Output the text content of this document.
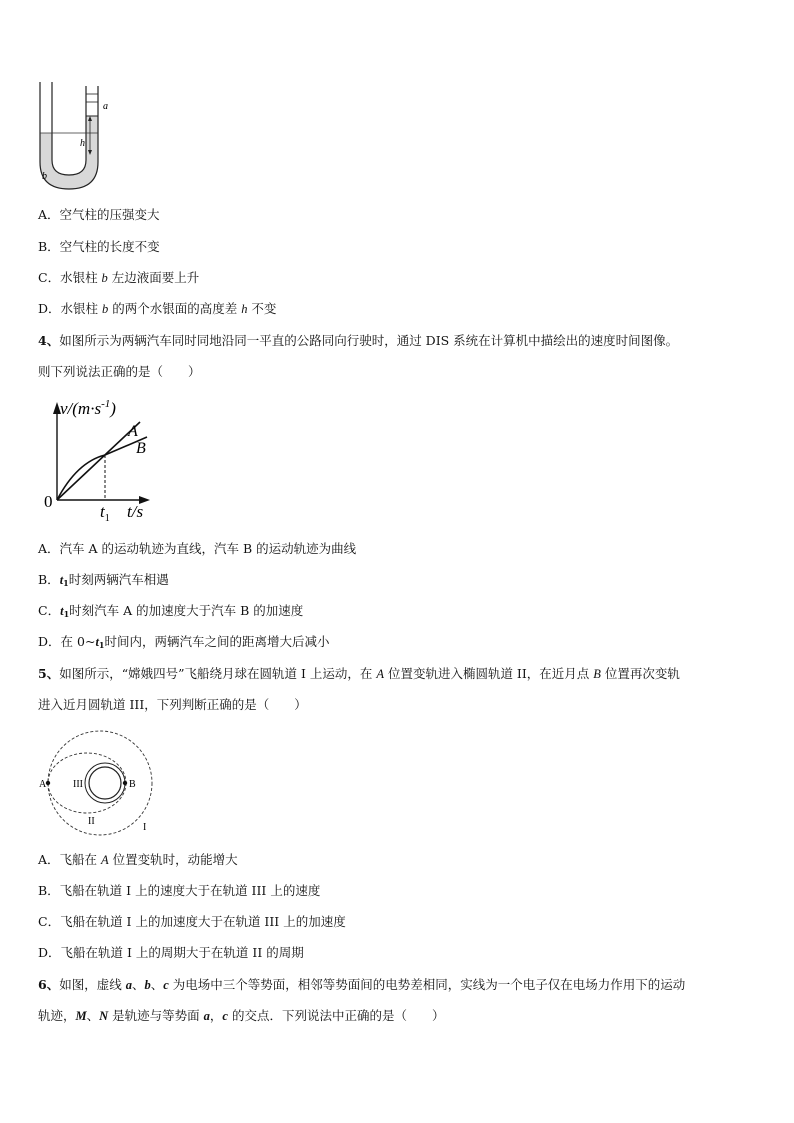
h
a
b
A．空气柱的压强变大
B．空气柱的长度不变
C．水银柱 b 左边液面要上升
D．水银柱 b 的两个水银面的高度差 h 不变
4、如图所示为两辆汽车同时同地沿同一平直的公路同向行驶时，通过 DIS 系统在计算机中描绘出的速度时间图像。
则下列说法正确的是（　　）
$v/(m\cdot s^{-1})$
A
B
0
$t_1$ t/s
A．汽车 A 的运动轨迹为直线，汽车 B 的运动轨迹为曲线
B．$t_1$时刻两辆汽车相遇
C．$t_1$时刻汽车 A 的加速度大于汽车 B 的加速度
D．在 $0\sim t_1$时间内，两辆汽车之间的距离增大后减小
5、如图所示，“嫦娥四号”飞船绕月球在圆轨道 I 上运动，在 A 位置变轨进入椭圆轨道 II，在近月点 B 位置再次变轨
进入近月圆轨道 III，下列判断正确的是（　　）
A	B
III
II
I
A．飞船在 A 位置变轨时，动能增大
B．飞船在轨道 I 上的速度大于在轨道 III 上的速度
C．飞船在轨道 I 上的加速度大于在轨道 III 上的加速度
D．飞船在轨道 I 上的周期大于在轨道 II 的周期
6、如图，虚线 a、b、c 为电场中三个等势面，相邻等势面间的电势差相同，实线为一个电子仅在电场力作用下的运动
轨迹，M、N 是轨迹与等势面 a，c 的交点．下列说法中正确的是（　　）
